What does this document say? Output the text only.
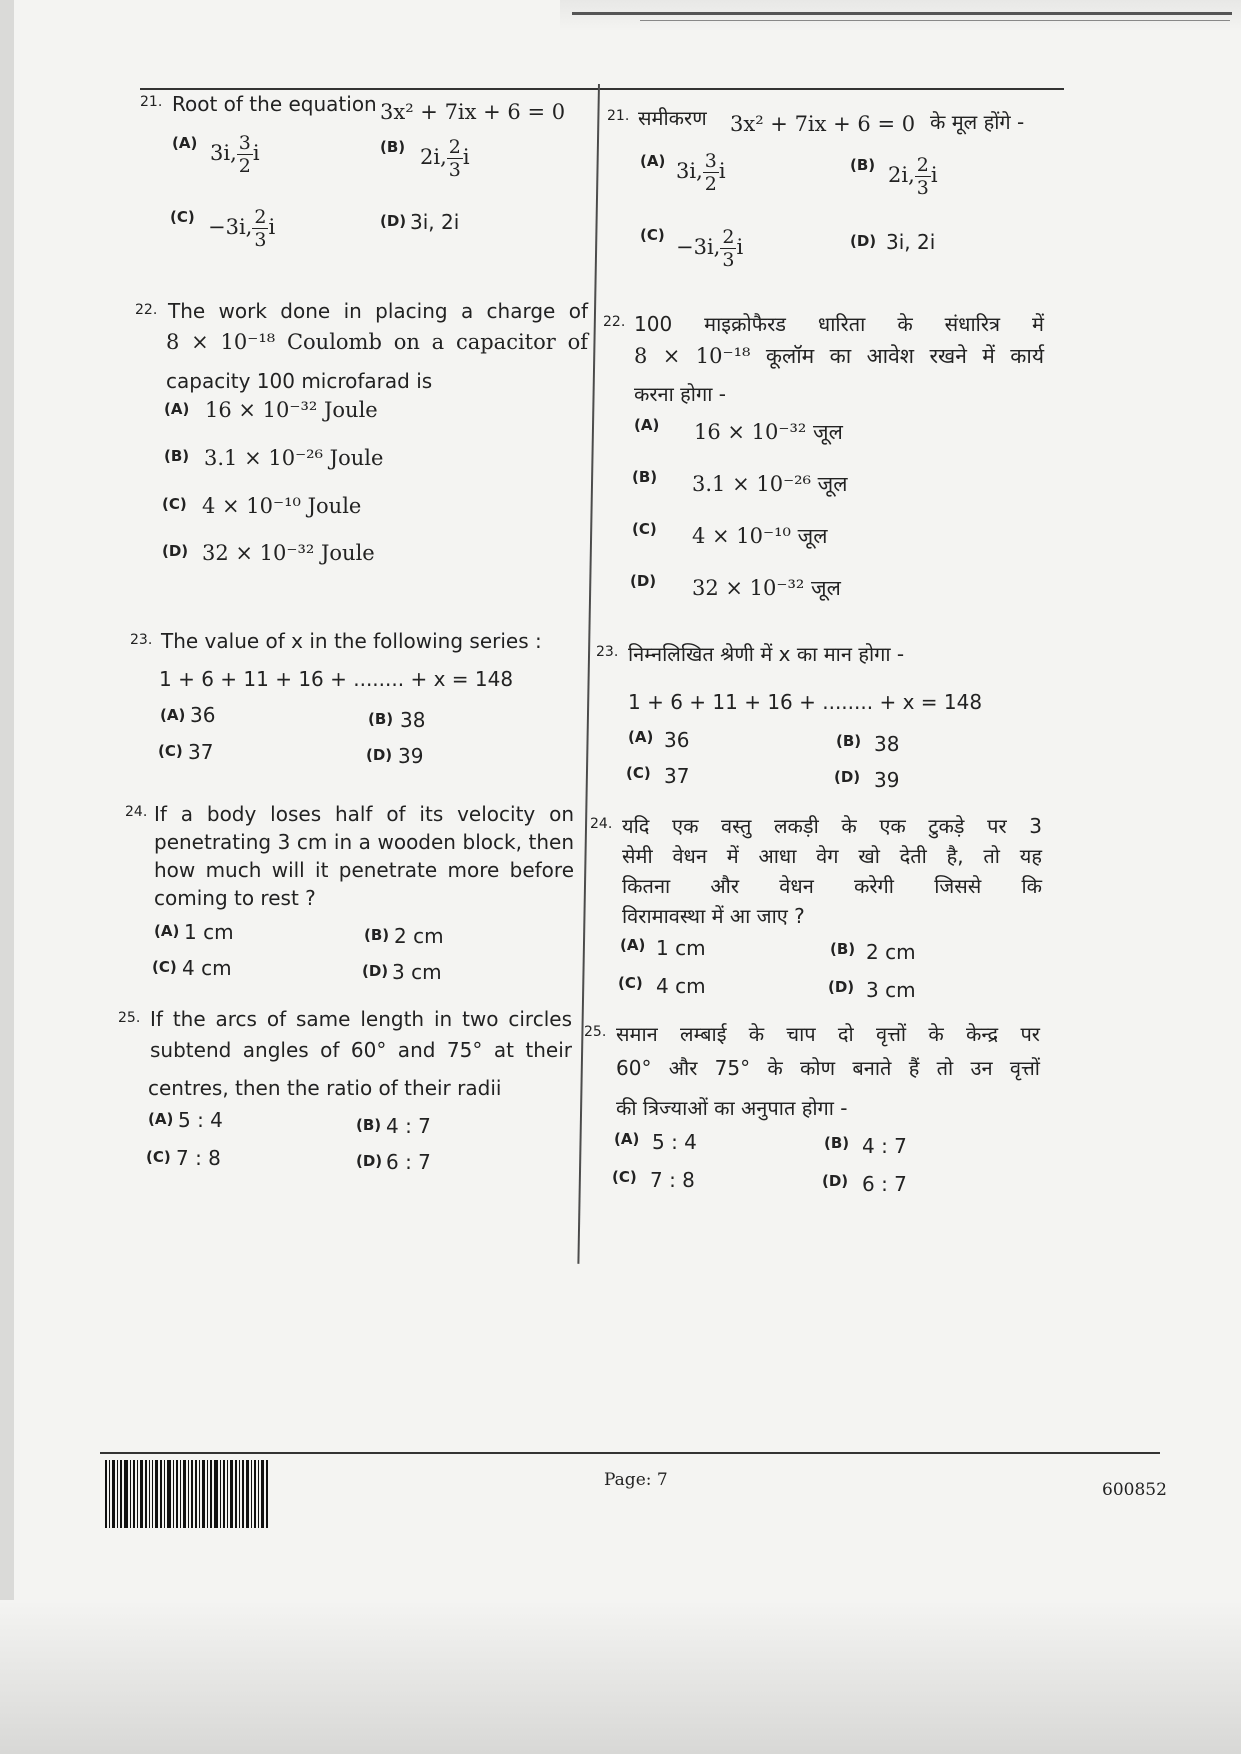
21. Root of the equation 3x² + 7ix + 6 = 0
(A) 3i, $\frac{3}{2}$ i	(B) 2i, $\frac{2}{3}$ i
(C) −3i, $\frac{2}{3}$ i	(D) 3i, 2i
22. The work done in placing a charge of
8 × 10⁻¹⁸ Coulomb on a capacitor of
capacity 100 microfarad is
(A) 16 × 10⁻³² Joule
(B) 3.1 × 10⁻²⁶ Joule
(C) 4 × 10⁻¹⁰ Joule
(D) 32 × 10⁻³² Joule
23. The value of x in the following series :
1 + 6 + 11 + 16 + ........ + x = 148
(A) 36	(B) 38
(C) 37	(D) 39
24. If a body loses half of its velocity on
penetrating 3 cm in a wooden block, then
how much will it penetrate more before
coming to rest ?
(A) 1 cm	(B) 2 cm
(C) 4 cm	(D) 3 cm
25. If the arcs of same length in two circles
subtend angles of 60° and 75° at their
centres, then the ratio of their radii
(A) 5 : 4	(B) 4 : 7
(C) 7 : 8	(D) 6 : 7
21. समीकरण 3x² + 7ix + 6 = 0 के मूल होंगे -
(A) 3i, $\frac{3}{2}$ i	(B) 2i, $\frac{2}{3}$ i
(C) −3i, $\frac{2}{3}$ i	(D) 3i, 2i
22. 100 माइक्रोफैरड धारिता के संधारित्र में
8 × 10⁻¹⁸ कूलॉम का आवेश रखने में कार्य
करना होगा -
(A) 16 × 10⁻³² जूल
(B) 3.1 × 10⁻²⁶ जूल
(C) 4 × 10⁻¹⁰ जूल
(D) 32 × 10⁻³² जूल
23. निम्नलिखित श्रेणी में x का मान होगा -
1 + 6 + 11 + 16 + ........ + x = 148
(A) 36	(B) 38
(C) 37	(D) 39
24. यदि एक वस्तु लकड़ी के एक टुकड़े पर 3
सेमी वेधन में आधा वेग खो देती है, तो यह
कितना और वेधन करेगी जिससे कि
विरामावस्था में आ जाए ?
(A) 1 cm	(B) 2 cm
(C) 4 cm	(D) 3 cm
25. समान लम्बाई के चाप दो वृत्तों के केन्द्र पर
60° और 75° के कोण बनाते हैं तो उन वृत्तों
की त्रिज्याओं का अनुपात होगा -
(A) 5 : 4	(B) 4 : 7
(C) 7 : 8	(D) 6 : 7
Page: 7	600852
